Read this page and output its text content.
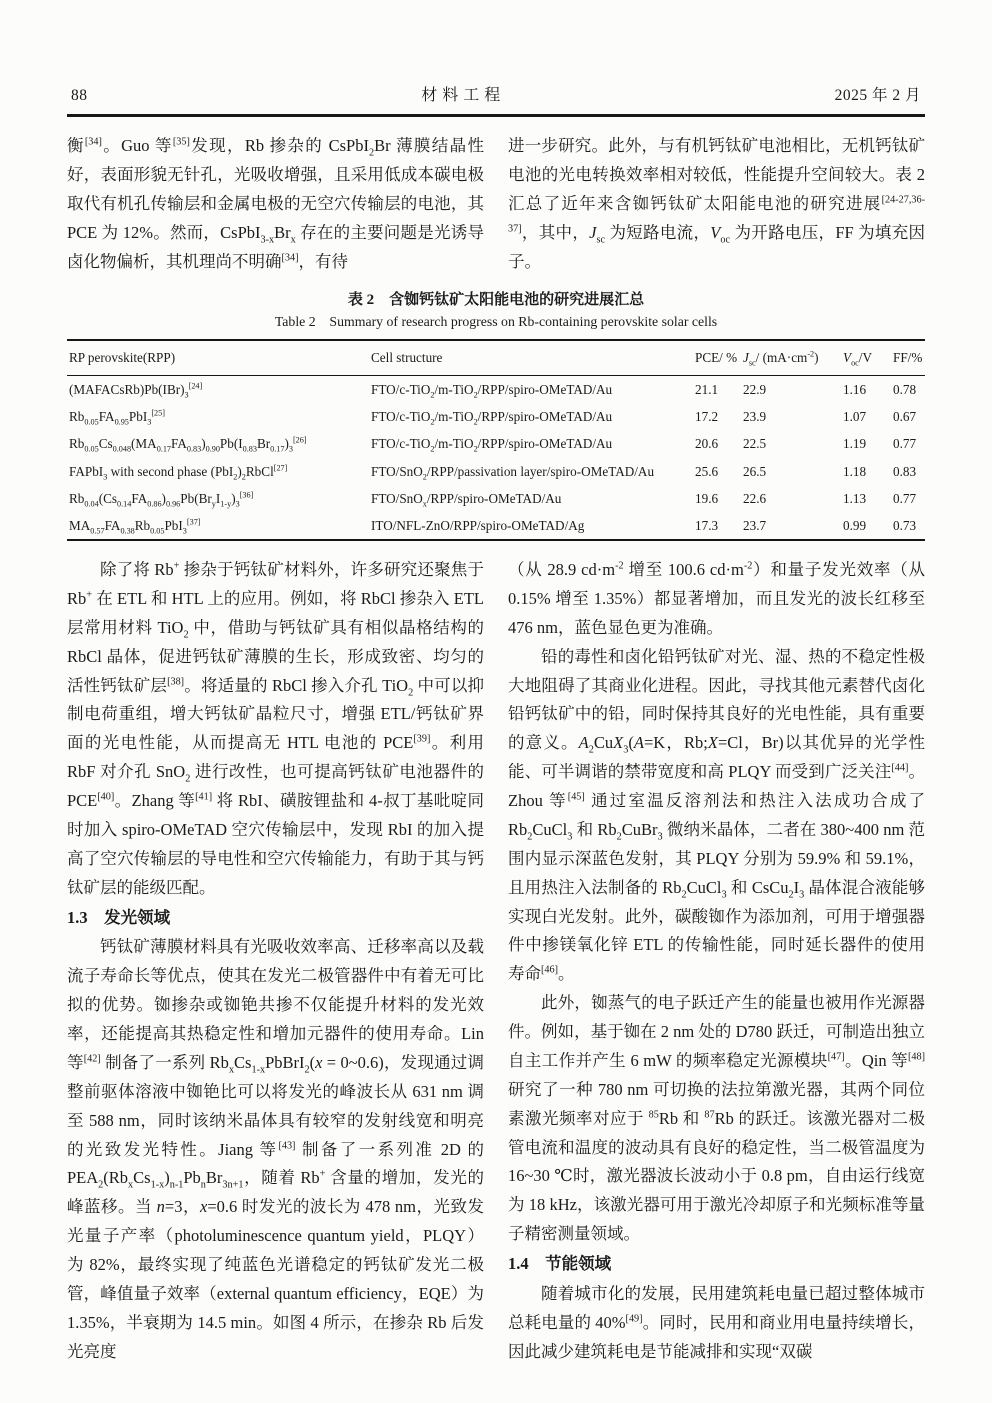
88	材 料 工 程	2025 年 2 月

衡[34]。Guo 等[35]发现，Rb 掺杂的 CsPbI$_2$Br 薄膜结晶性好，表面形貌无针孔，光吸收增强，且采用低成本碳电极取代有机孔传输层和金属电极的无空穴传输层的电池，其 PCE 为 12%。然而，$CsPbI_{3-x}Br_x$ 存在的主要问题是光诱导卤化物偏析，其机理尚不明确[34]，有待

进一步研究。此外，与有机钙钛矿电池相比，无机钙钛矿电池的光电转换效率相对较低，性能提升空间较大。表 2 汇总了近年来含铷钙钛矿太阳能电池的研究进展[24-27,36-37]，其中，$J_{sc}$ 为短路电流，$V_{oc}$ 为开路电压，FF 为填充因子。

表 2 含铷钙钛矿太阳能电池的研究进展汇总
Table 2 Summary of research progress on Rb-containing perovskite solar cells
RP perovskite(RPP)	Cell structure	PCE/ %	$J_{sc}/$ $(mA\cdot cm^{-2})$	$V_{oc}/V$	FF/%
$(MAFACsRb)Pb(IBr)_3[24]$	FTO/c-TiO$_2$/m-TiO$_2$/RPP/spiro-OMeTAD/Au	21.1	22.9	1.16	0.78
$Rb_{0.05}FA_{0.95}PbI_3[25]$	FTO/c-TiO$_2$/m-TiO$_2$/RPP/spiro-OMeTAD/Au	17.2	23.9	1.07	0.67
$Rb_{0.05}Cs_{0.048}(MA_{0.17}FA_{0.83})_{0.90}Pb(I_{0.83}Br_{0.17})_3[26]$	FTO/c-TiO$_2$/m-TiO$_2$/RPP/spiro-OMeTAD/Au	20.6	22.5	1.19	0.77
FAPbI$_3$ with second phase $(PbI_2)_2RbCl[27]$	FTO/SnO$_2$/RPP/passivation layer/spiro-OMeTAD/Au	25.6	26.5	1.18	0.83
$Rb_{0.04}(Cs_{0.14}FA_{0.86})_{0.96}Pb(Br_yI_{1-y})_3[36]$	FTO/SnO$_x$/RPP/spiro-OMeTAD/Au	19.6	22.6	1.13	0.77
$MA_{0.57}FA_{0.38}Rb_{0.05}PbI_3[37]$	ITO/NFL-ZnO/RPP/spiro-OMeTAD/Ag	17.3	23.7	0.99	0.73

除了将 Rb+ 掺杂于钙钛矿材料外，许多研究还聚焦于 Rb+ 在 ETL 和 HTL 上的应用。例如，将 RbCl 掺杂入 ETL 层常用材料 TiO$_2$ 中，借助与钙钛矿具有相似晶格结构的 RbCl 晶体，促进钙钛矿薄膜的生长，形成致密、均匀的活性钙钛矿层[38]。将适量的 RbCl 掺入介孔 TiO$_2$ 中可以抑制电荷重组，增大钙钛矿晶粒尺寸，增强 ETL/钙钛矿界面的光电性能，从而提高无 HTL 电池的 PCE[39]。利用 RbF 对介孔 SnO$_2$ 进行改性，也可提高钙钛矿电池器件的 PCE[40]。Zhang 等[41] 将 RbI、磺胺锂盐和 4-叔丁基吡啶同时加入 spiro-OMeTAD 空穴传输层中，发现 RbI 的加入提高了空穴传输层的导电性和空穴传输能力，有助于其与钙钛矿层的能级匹配。

1.3 发光领域

钙钛矿薄膜材料具有光吸收效率高、迁移率高以及载流子寿命长等优点，使其在发光二极管器件中有着无可比拟的优势。铷掺杂或铷铯共掺不仅能提升材料的发光效率，还能提高其热稳定性和增加元器件的使用寿命。Lin 等[42] 制备了一系列 $Rb_xCs_{1-x}PbBrI_2(x$ = 0~0.6)，发现通过调整前驱体溶液中铷铯比可以将发光的峰波长从 631 nm 调至 588 nm，同时该纳米晶体具有较窄的发射线宽和明亮的光致发光特性。Jiang 等[43] 制备了一系列准 2D 的 $PEA_2(Rb_xCs_{1-x})_{n-1}Pb_nBr_{3n+1}$，随着 Rb+ 含量的增加，发光的峰蓝移。当 n=3，x=0.6 时发光的波长为 478 nm，光致发光量子产率（photoluminescence quantum yield，PLQY）为 82%，最终实现了纯蓝色光谱稳定的钙钛矿发光二极管，峰值量子效率（external quantum efficiency，EQE）为 1.35%，半衰期为 14.5 min。如图 4 所示，在掺杂 Rb 后发光亮度

（从 28.9 $cd\cdot m^{-2}$ 增至 100.6 $cd\cdot m^{-2}$）和量子发光效率（从 0.15% 增至 1.35%）都显著增加，而且发光的波长红移至 476 nm，蓝色显色更为准确。

铅的毒性和卤化铅钙钛矿对光、湿、热的不稳定性极大地阻碍了其商业化进程。因此，寻找其他元素替代卤化铅钙钛矿中的铅，同时保持其良好的光电性能，具有重要的意义。$A_2CuX_3(A=K$，Rb;X=Cl，Br)以其优异的光学性能、可半调谐的禁带宽度和高 PLQY 而受到广泛关注[44]。Zhou 等[45] 通过室温反溶剂法和热注入法成功合成了 $Rb_2CuCl_3$ 和 $Rb_2CuBr_3$ 微纳米晶体，二者在 380~400 nm 范围内显示深蓝色发射，其 PLQY 分别为 59.9% 和 59.1%，且用热注入法制备的 $Rb_2CuCl_3$ 和 $CsCu_2I_3$ 晶体混合液能够实现白光发射。此外，碳酸铷作为添加剂，可用于增强器件中掺镁氧化锌 ETL 的传输性能，同时延长器件的使用寿命[46]。

此外，铷蒸气的电子跃迁产生的能量也被用作光源器件。例如，基于铷在 2 nm 处的 D780 跃迁，可制造出独立自主工作并产生 6 mW 的频率稳定光源模块[47]。Qin 等[48] 研究了一种 780 nm 可切换的法拉第激光器，其两个同位素激光频率对应于 $^{85}$Rb 和 $^{87}$Rb 的跃迁。该激光器对二极管电流和温度的波动具有良好的稳定性，当二极管温度为 16~30 ℃时，激光器波长波动小于 0.8 pm，自由运行线宽为 18 kHz，该激光器可用于激光冷却原子和光频标准等量子精密测量领域。

1.4 节能领域

随着城市化的发展，民用建筑耗电量已超过整体城市总耗电量的 40%[49]。同时，民用和商业用电量持续增长，因此减少建筑耗电是节能减排和实现“双碳
